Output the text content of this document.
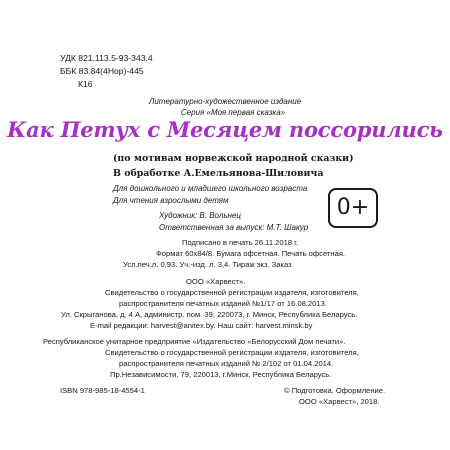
УДК 821.113.5-93-343.4
ББК 83.84(4Нор)-445
К16
Литературно-художественное издание
Серия «Моя первая сказка»
Как Петух с Месяцем поссорились
(по мотивам норвежской народной сказки)
В обработке А.Емельянова-Шиловича
Для дошкольного и младшего школьного возраста
Для чтения взрослыми детям	0+
Художник: В. Вольнец
Ответственная за выпуск: М.Т. Шакур
Подписано в печать 26.11.2018 г.
Формат 60х84/8. Бумага офсетная. Печать офсетная.
Усл.печ.л. 0,93. Уч.-изд. л. 3,4. Тираж экз. Заказ
ООО «Харвест».
Свидетельство о государственной регистрации издателя, изготовителя,
распространителя печатных изданий №1/17 от 16.08.2013.
Ул. Скрыганова, д. 4 А, администр. пом. 39, 220073, г. Минск, Республика Беларусь.
E-mail редакции: harvest@anitex.by. Наш сайт: harvest.minsk.by
Республиканское унитарное предприятие «Издательство «Белорусский Дом печати».
Свидетельство о государственной регистрации издателя, изготовителя,
распространителя печатных изданий № 2/102 от 01.04.2014.
Пр.Независимости, 79, 220013, г.Минск, Республика Беларусь.
ISBN 978-985-18-4554-1	© Подготовка. Оформление.
ООО «Харвест», 2018.
